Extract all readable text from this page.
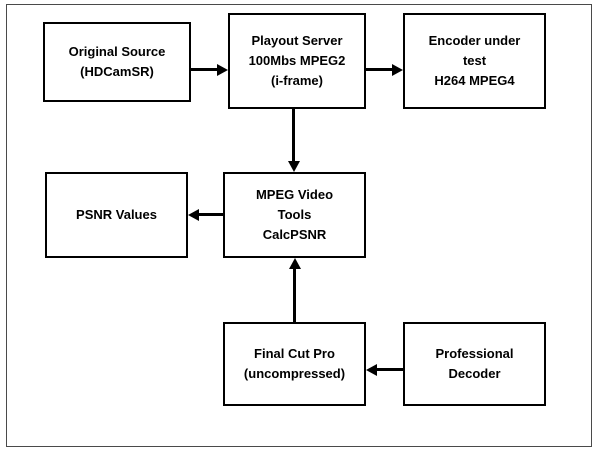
Original Source
(HDCamSR)
Playout Server
100Mbs MPEG2
(i-frame)
Encoder under
test
H264 MPEG4
MPEG Video
Tools
CalcPSNR
PSNR Values
Final Cut Pro
(uncompressed)
Professional
Decoder
